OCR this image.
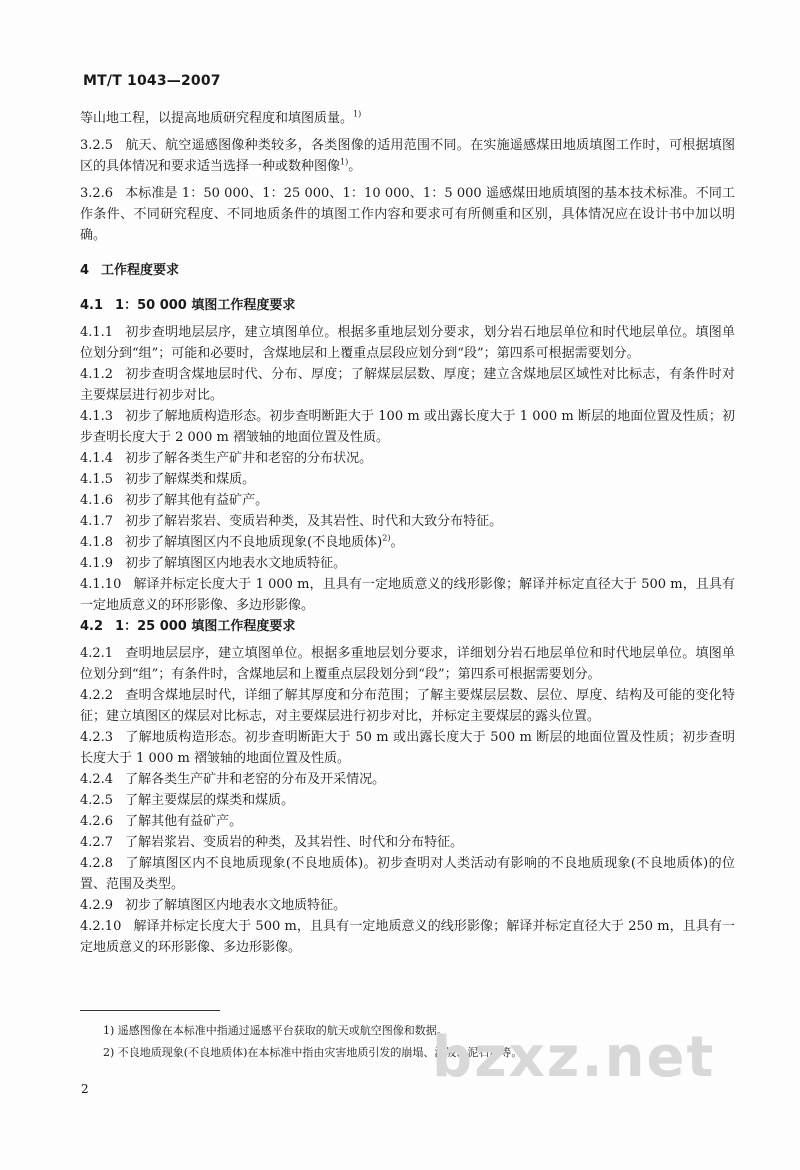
MT/T 1043—2007

等山地工程，以提高地质研究程度和填图质量。$^{1)}$

3.2.5 航天、航空遥感图像种类较多，各类图像的适用范围不同。在实施遥感煤田地质填图工作时，可根据填图区的具体情况和要求适当选择一种或数种图像$^{1)}$。

3.2.6 本标准是 1：50 000、1：25 000、1：10 000、1：5 000 遥感煤田地质填图的基本技术标准。不同工作条件、不同研究程度、不同地质条件的填图工作内容和要求可有所侧重和区别，具体情况应在设计书中加以明确。

4 工作程度要求

4.1 1：50 000 填图工作程度要求

4.1.1 初步查明地层层序，建立填图单位。根据多重地层划分要求，划分岩石地层单位和时代地层单位。填图单位划分到“组”；可能和必要时，含煤地层和上覆重点层段应划分到“段”；第四系可根据需要划分。

4.1.2 初步查明含煤地层时代、分布、厚度；了解煤层层数、厚度；建立含煤地层区域性对比标志，有条件时对主要煤层进行初步对比。

4.1.3 初步了解地质构造形态。初步查明断距大于 100 m 或出露长度大于 1 000 m 断层的地面位置及性质；初步查明长度大于 2 000 m 褶皱轴的地面位置及性质。

4.1.4 初步了解各类生产矿井和老窑的分布状况。

4.1.5 初步了解煤类和煤质。

4.1.6 初步了解其他有益矿产。

4.1.7 初步了解岩浆岩、变质岩种类，及其岩性、时代和大致分布特征。

4.1.8 初步了解填图区内不良地质现象(不良地质体)$^{2)}$。

4.1.9 初步了解填图区内地表水文地质特征。

4.1.10 解译并标定长度大于 1 000 m，且具有一定地质意义的线形影像；解译并标定直径大于 500 m，且具有一定地质意义的环形影像、多边形影像。

4.2 1：25 000 填图工作程度要求

4.2.1 查明地层层序，建立填图单位。根据多重地层划分要求，详细划分岩石地层单位和时代地层单位。填图单位划分到“组”；有条件时，含煤地层和上覆重点层段划分到“段”；第四系可根据需要划分。

4.2.2 查明含煤地层时代，详细了解其厚度和分布范围；了解主要煤层层数、层位、厚度、结构及可能的变化特征；建立填图区的煤层对比标志，对主要煤层进行初步对比，并标定主要煤层的露头位置。

4.2.3 了解地质构造形态。初步查明断距大于 50 m 或出露长度大于 500 m 断层的地面位置及性质；初步查明长度大于 1 000 m 褶皱轴的地面位置及性质。

4.2.4 了解各类生产矿井和老窑的分布及开采情况。

4.2.5 了解主要煤层的煤类和煤质。

4.2.6 了解其他有益矿产。

4.2.7 了解岩浆岩、变质岩的种类，及其岩性、时代和分布特征。

4.2.8 了解填图区内不良地质现象(不良地质体)。初步查明对人类活动有影响的不良地质现象(不良地质体)的位置、范围及类型。

4.2.9 初步了解填图区内地表水文地质特征。

4.2.10 解译并标定长度大于 500 m，且具有一定地质意义的线形影像；解译并标定直径大于 250 m，且具有一定地质意义的环形影像、多边形影像。

1) 遥感图像在本标准中指通过遥感平台获取的航天或航空图像和数据。
2) 不良地质现象(不良地质体)在本标准中指由灾害地质引发的崩塌、滑坡、泥石流等。
2	bzxz.net
